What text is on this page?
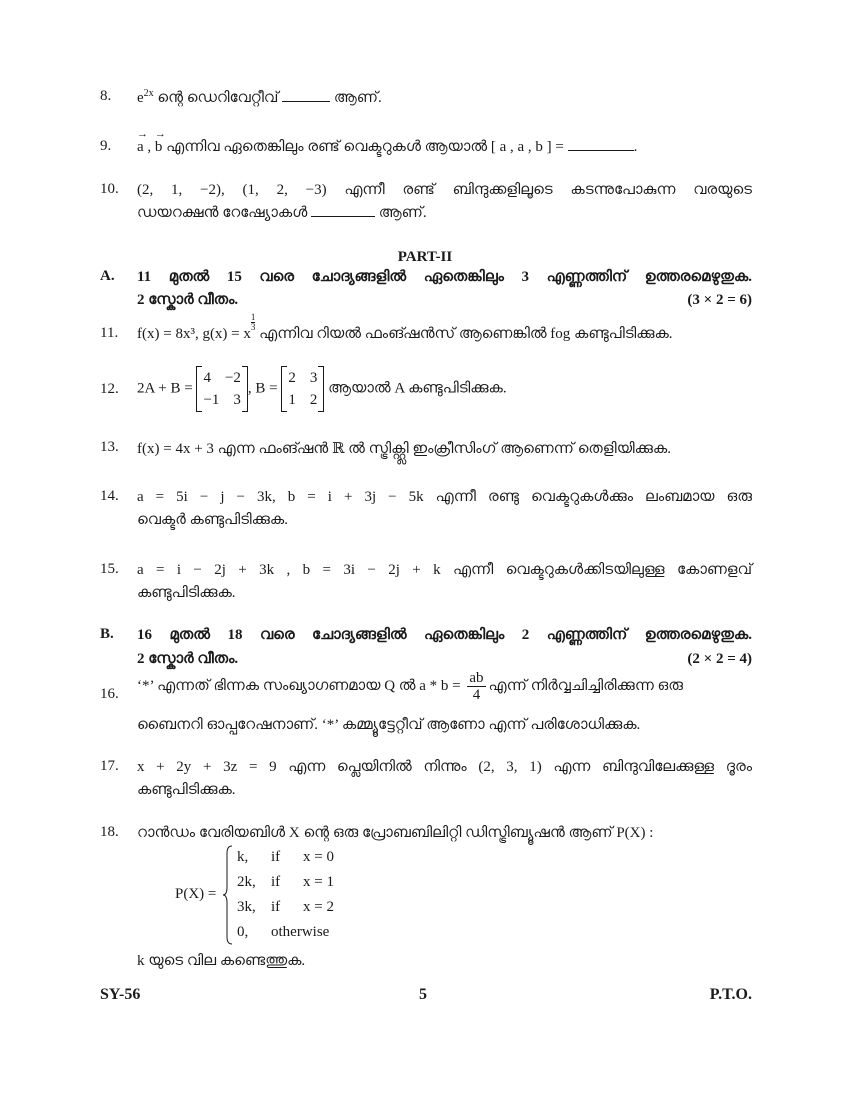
8. $e^{2x}$ ന്റെ ഡെറിവേറ്റീവ്	ആണ്.
9.
→ a , → b എന്നിവ ഏതെങ്കിലും രണ്ട് വെക്ടറുകൾ ആയാൽ [ a , a , b ] =	.
10. (2, 1, −2), (1, 2, −3) എന്നീ രണ്ട് ബിന്ദുക്കളിലൂടെ കടന്നുപോകുന്ന വരയുടെ
ഡയറക്ഷൻ റേഷ്യോകൾ	ആണ്.
PART-II
A. 11 മുതൽ 15 വരെ ചോദ്യങ്ങളിൽ ഏതെങ്കിലും 3 എണ്ണത്തിന് ഉത്തരമെഴുതുക.
2 സ്കോർ വീതം.	(3 × 2 = 6)
11. f(x) = 8x³, g(x) = x
$^{\frac{1}{3}}$
എന്നിവ റിയൽ ഫംങ്ഷൻസ് ആണെങ്കിൽ fog കണ്ടുപിടിക്കുക.
12. 2A + B =
4 −2
−1 3
, B =
2 3
1 2
ആയാൽ A കണ്ടുപിടിക്കുക.
13. f(x) = 4x + 3 എന്ന ഫംങ്ഷൻ ℝ ൽ സ്ട്രിക്റ്റ്ലി ഇംക്രീസിംഗ് ആണെന്ന് തെളിയിക്കുക.
14. a = 5i − j − 3k, b = i + 3j − 5k എന്നീ രണ്ടു വെക്ടറുകൾക്കും ലംബമായ ഒരു
വെക്ടർ കണ്ടുപിടിക്കുക.
15. a = i − 2j + 3k , b = 3i − 2j + k എന്നീ വെക്ടറുകൾക്കിടയിലുള്ള കോണളവ്
കണ്ടുപിടിക്കുക.
B. 16 മുതൽ 18 വരെ ചോദ്യങ്ങളിൽ ഏതെങ്കിലും 2 എണ്ണത്തിന് ഉത്തരമെഴുതുക.
2 സ്കോർ വീതം.	(2 × 2 = 4)
16.
‘*’ എന്നത് ഭിന്നക സംഖ്യാഗണമായ Q ൽ $a * b = \frac{ab}{4}$ എന്ന് നിർവ്വചിച്ചിരിക്കുന്ന ഒരു
ബൈനറി ഓപ്പറേഷനാണ്. ‘*’ കമ്മ്യൂട്ടേറ്റീവ് ആണോ എന്ന് പരിശോധിക്കുക.
17. x + 2y + 3z = 9 എന്ന പ്ലെയിനിൽ നിന്നും (2, 3, 1) എന്ന ബിന്ദുവിലേക്കുള്ള ദൂരം
കണ്ടുപിടിക്കുക.
18. റാൻഡം വേരിയബിൾ X ന്റെ ഒരു പ്രോബബിലിറ്റി ഡിസ്ട്രിബ്യൂഷൻ ആണ് P(X) :
P(X) =
k, if x = 0
2k, if x = 1
3k, if x = 2
0, otherwise
k യുടെ വില കണ്ടെത്തുക.
SY-56	5	P.T.O.
